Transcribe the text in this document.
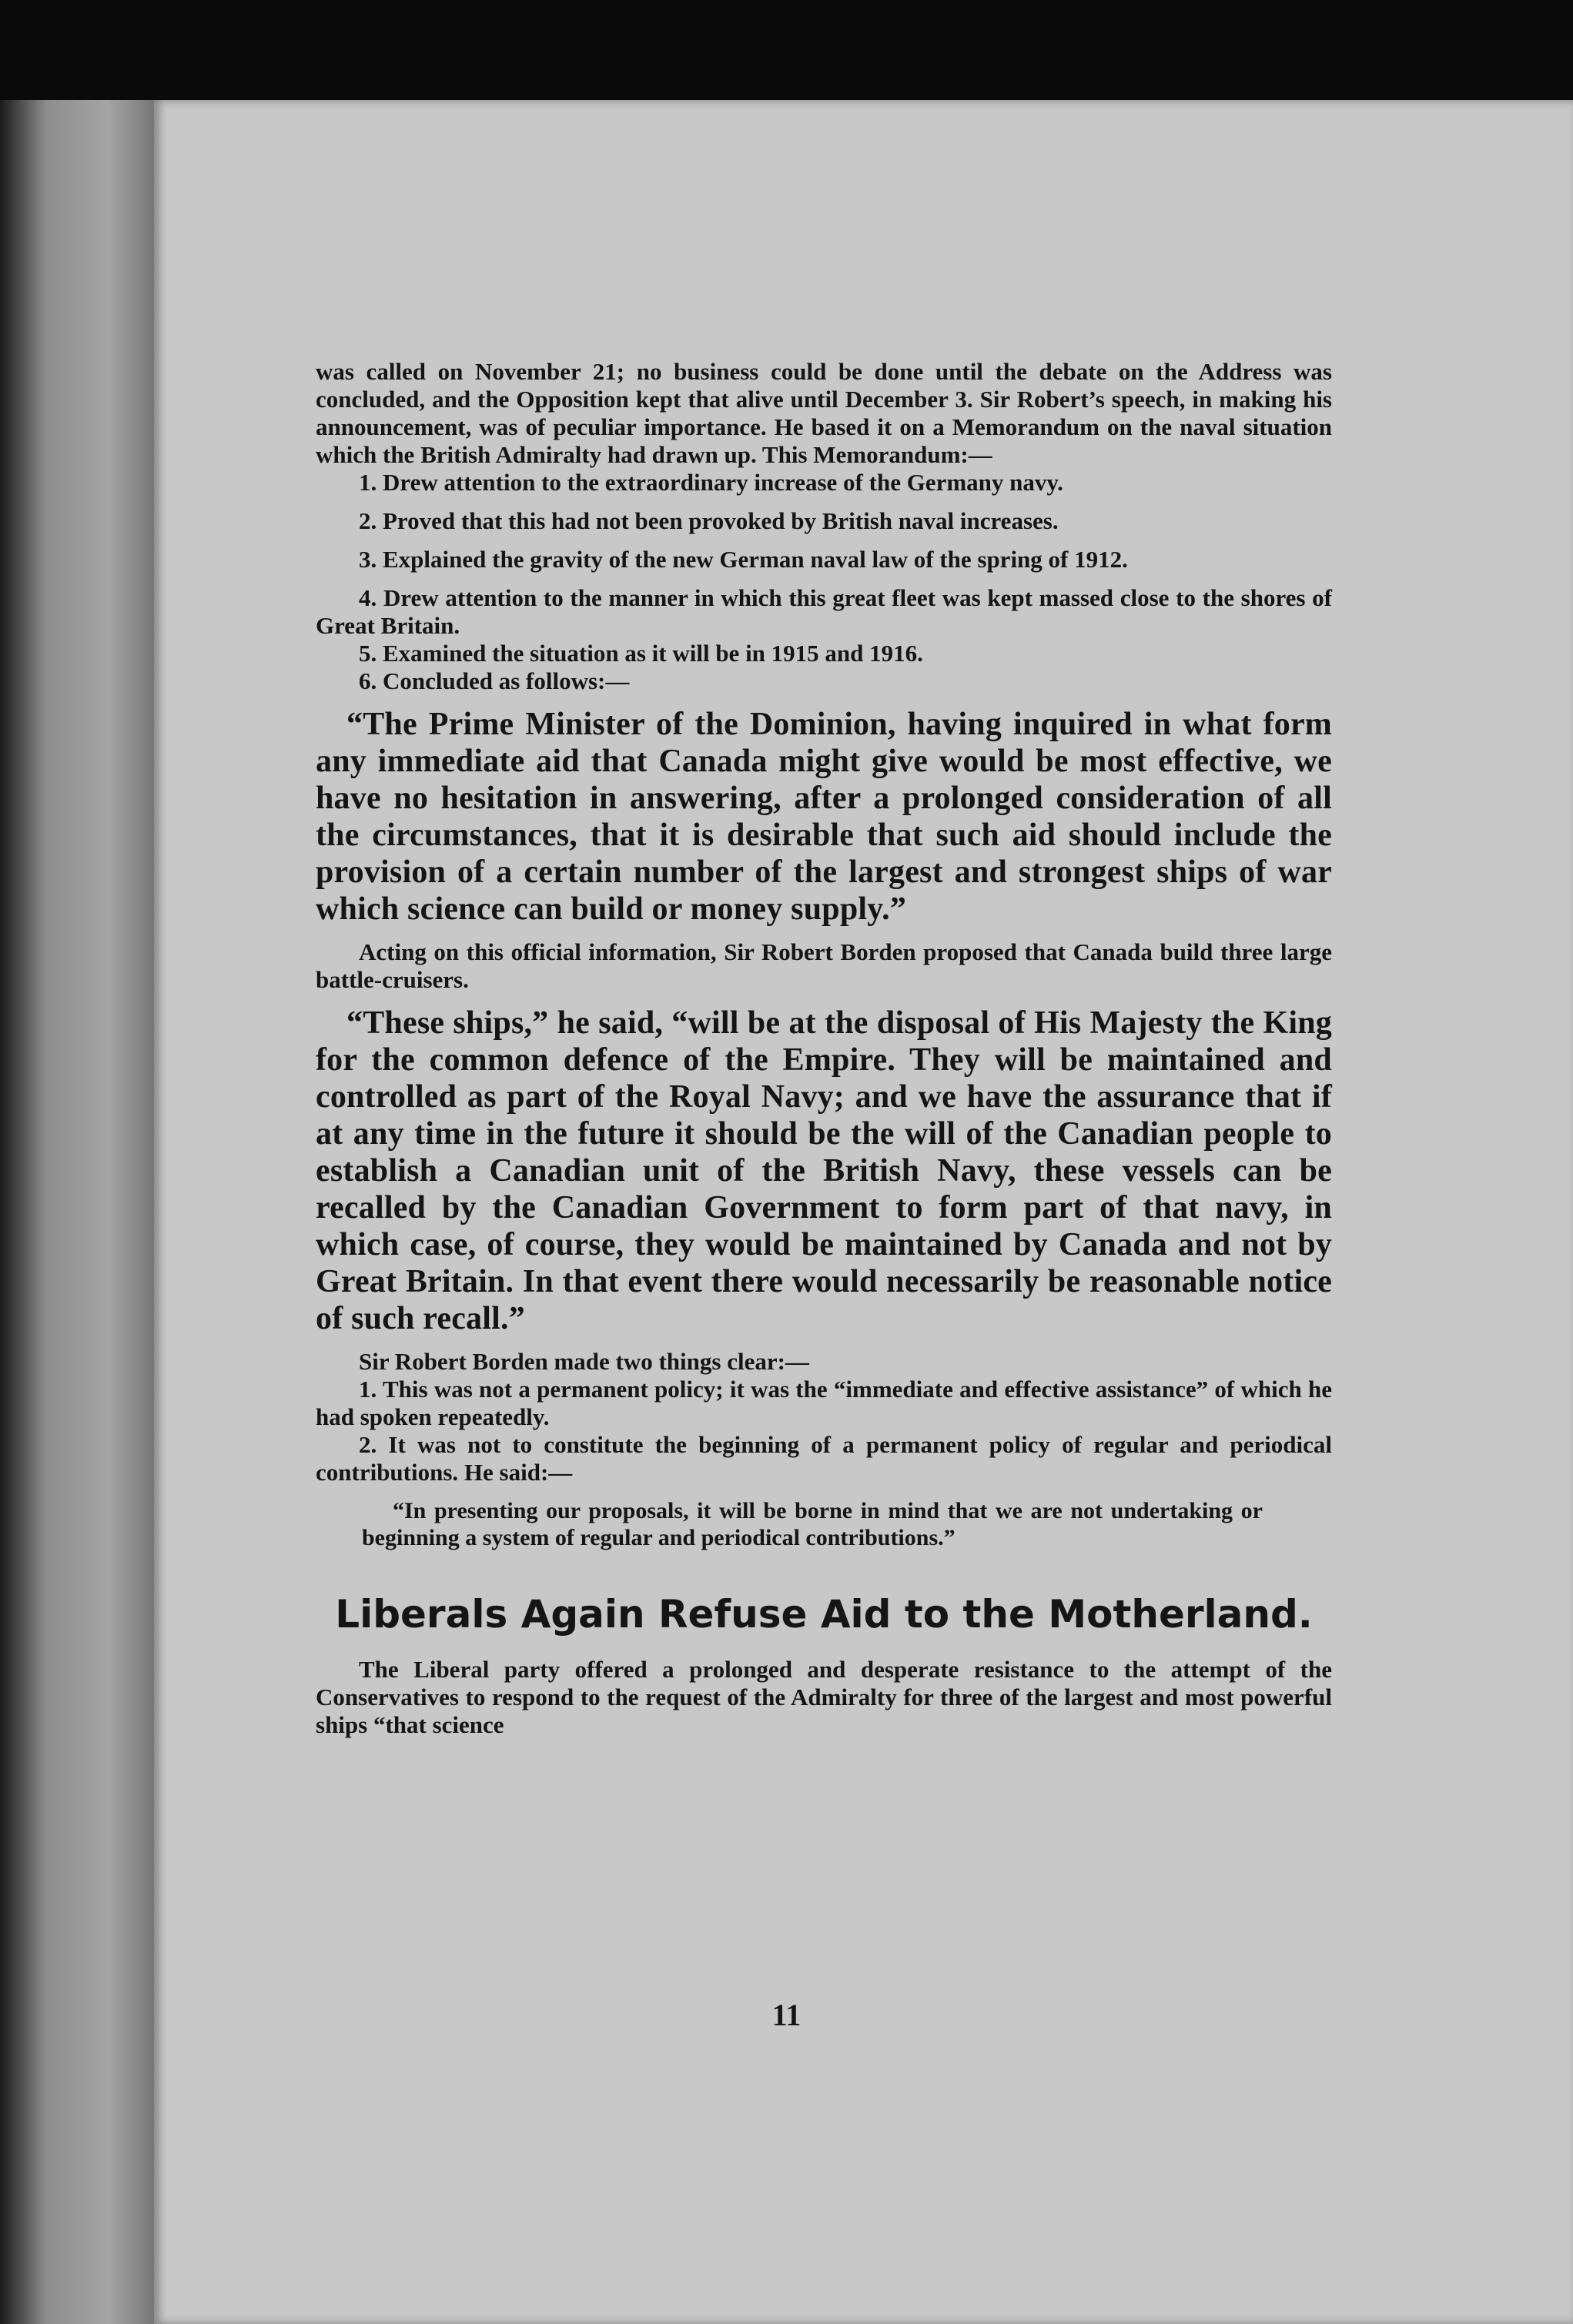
was called on November 21; no business could be done until the debate on the Address was concluded, and the Opposition kept that alive until December 3. Sir Robert’s speech, in making his announcement, was of peculiar importance. He based it on a Memorandum on the naval situation which the British Admiralty had drawn up. This Memorandum:—

1. Drew attention to the extraordinary increase of the Germany navy.

2. Proved that this had not been provoked by British naval increases.

3. Explained the gravity of the new German naval law of the spring of 1912.

4. Drew attention to the manner in which this great fleet was kept massed close to the shores of Great Britain.

5. Examined the situation as it will be in 1915 and 1916.

6. Concluded as follows:—

“The Prime Minister of the Dominion, having inquired in what form any immediate aid that Canada might give would be most effective, we have no hesitation in answering, after a prolonged consideration of all the circumstances, that it is desirable that such aid should include the provision of a certain number of the largest and strongest ships of war which science can build or money supply.”

Acting on this official information, Sir Robert Borden proposed that Canada build three large battle-cruisers.

“These ships,” he said, “will be at the disposal of His Majesty the King for the common defence of the Empire. They will be maintained and controlled as part of the Royal Navy; and we have the assurance that if at any time in the future it should be the will of the Canadian people to establish a Canadian unit of the British Navy, these vessels can be recalled by the Canadian Government to form part of that navy, in which case, of course, they would be maintained by Canada and not by Great Britain. In that event there would necessarily be reasonable notice of such recall.”

Sir Robert Borden made two things clear:—

1. This was not a permanent policy; it was the “immediate and effective assistance” of which he had spoken repeatedly.

2. It was not to constitute the beginning of a permanent policy of regular and periodical contributions. He said:—

“In presenting our proposals, it will be borne in mind that we are not undertaking or beginning a system of regular and periodical contributions.”

Liberals Again Refuse Aid to the Motherland.

The Liberal party offered a prolonged and desperate resistance to the attempt of the Conservatives to respond to the request of the Admiralty for three of the largest and most powerful ships “that science

11
